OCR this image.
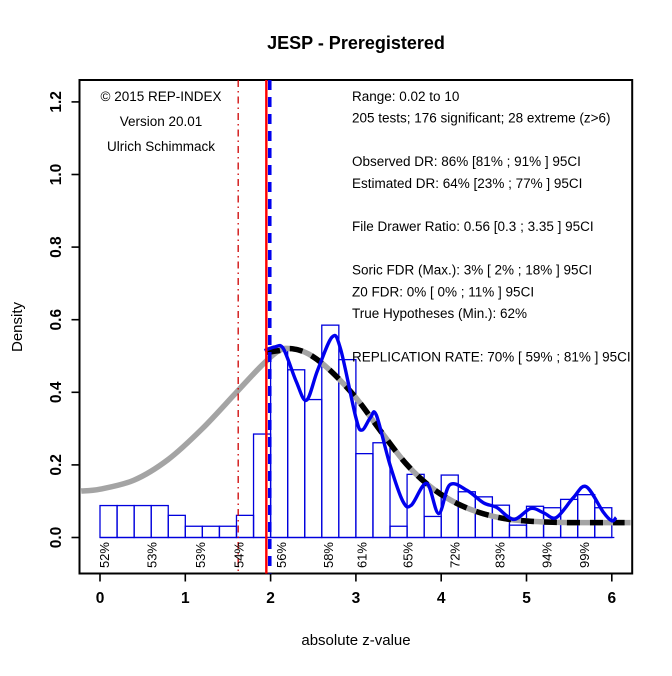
JESP - Preregistered
0.0
0.2
0.4
0.6
0.8
1.0
1.2
0	1	2	3	4	5	6
52%	53%	53% 54% 56% 58% 61% 65% 72% 83% 94% 99%
© 2015 REP-INDEX
Version 20.01
Ulrich Schimmack
Range: 0.02 to 10
205 tests; 176 significant; 28 extreme (z>6)
Observed DR: 86% [81% ; 91% ] 95CI
Estimated DR: 64% [23% ; 77% ] 95CI
File Drawer Ratio: 0.56 [0.3 ; 3.35 ] 95CI
Soric FDR (Max.): 3% [ 2% ; 18% ] 95CI
Z0 FDR: 0% [ 0% ; 11% ] 95CI
True Hypotheses (Min.): 62%
REPLICATION RATE: 70% [ 59% ; 81% ] 95CI
absolute z-value
Density
